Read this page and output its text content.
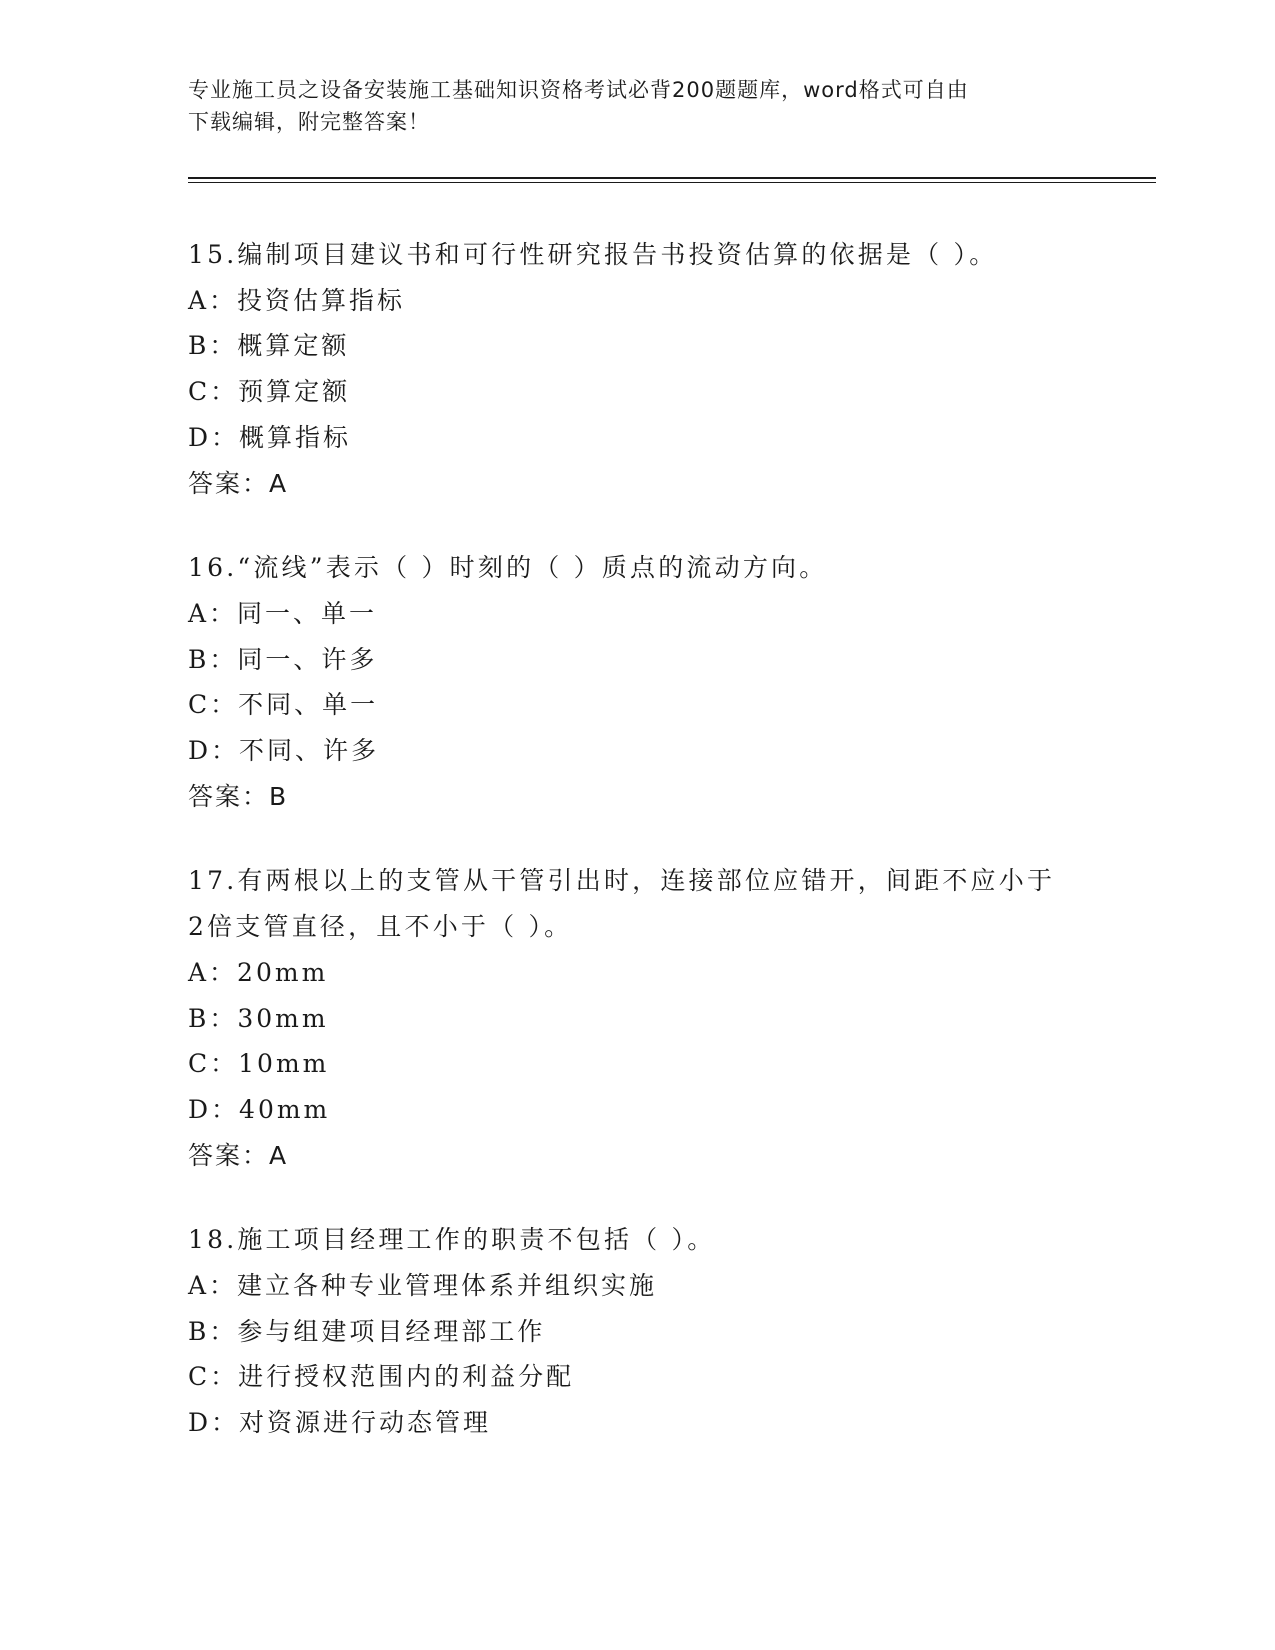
专业施工员之设备安装施工基础知识资格考试必背200题题库，word格式可自由
下载编辑，附完整答案！
15.编制项目建议书和可行性研究报告书投资估算的依据是（ ）。
A：投资估算指标
B：概算定额
C：预算定额
D：概算指标
答案：A
16.“流线”表示（ ）时刻的（ ）质点的流动方向。
A：同一、单一
B：同一、许多
C：不同、单一
D：不同、许多
答案：B
17.有两根以上的支管从干管引出时，连接部位应错开，间距不应小于
2倍支管直径，且不小于（ ）。
A：20mm
B：30mm
C：10mm
D：40mm
答案：A
18.施工项目经理工作的职责不包括（ ）。
A：建立各种专业管理体系并组织实施
B：参与组建项目经理部工作
C：进行授权范围内的利益分配
D：对资源进行动态管理
